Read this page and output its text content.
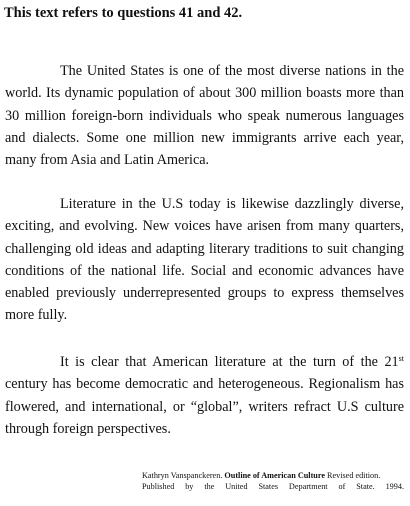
This text refers to questions 41 and 42.

The United States is one of the most diverse nations in the world. Its dynamic population of about 300 million boasts more than 30 million foreign-born individuals who speak numerous languages and dialects. Some one million new immigrants arrive each year, many from Asia and Latin America.

Literature in the U.S today is likewise dazzlingly diverse, exciting, and evolving. New voices have arisen from many quarters, challenging old ideas and adapting literary traditions to suit changing conditions of the national life. Social and economic advances have enabled previously underrepresented groups to express themselves more fully.

It is clear that American literature at the turn of the 21st century has become democratic and heterogeneous. Regionalism has flowered, and international, or “global”, writers refract U.S culture through foreign perspectives.

Kathryn Vanspanckeren. Outline of American Culture Revised edition.
Published by the United States Department of State. 1994.
